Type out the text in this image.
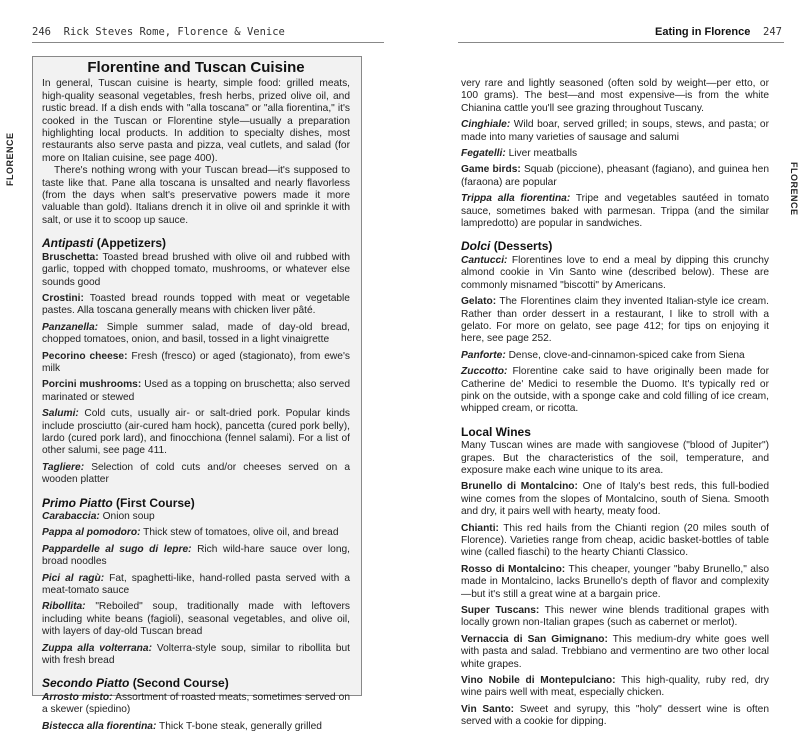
246 Rick Steves Rome, Florence & Venice	Eating in Florence 247
FLORENCE
FLORENCE
Florentine and Tuscan Cuisine

In general, Tuscan cuisine is hearty, simple food: grilled meats, high-quality seasonal vegetables, fresh herbs, prized olive oil, and rustic bread. If a dish ends with "alla toscana" or "alla fiorentina," it's cooked in the Tuscan or Florentine style—usually a preparation highlighting local products. In addition to specialty dishes, most restaurants also serve pasta and pizza, veal cutlets, and salad (for more on Italian cuisine, see page 400).

There's nothing wrong with your Tuscan bread—it's supposed to taste like that. Pane alla toscana is unsalted and nearly flavorless (from the days when salt's preservative powers made it more valuable than gold). Italians drench it in olive oil and sprinkle it with salt, or use it to scoop up sauce.

Antipasti (Appetizers)

Bruschetta: Toasted bread brushed with olive oil and rubbed with garlic, topped with chopped tomato, mushrooms, or whatever else sounds good

Crostini: Toasted bread rounds topped with meat or vegetable pastes. Alla toscana generally means with chicken liver pâté.

Panzanella: Simple summer salad, made of day-old bread, chopped tomatoes, onion, and basil, tossed in a light vinaigrette

Pecorino cheese: Fresh (fresco) or aged (stagionato), from ewe's milk

Porcini mushrooms: Used as a topping on bruschetta; also served marinated or stewed

Salumi: Cold cuts, usually air- or salt-dried pork. Popular kinds include prosciutto (air-cured ham hock), pancetta (cured pork belly), lardo (cured pork lard), and finocchiona (fennel salami). For a list of other salumi, see page 411.

Tagliere: Selection of cold cuts and/or cheeses served on a wooden platter

Primo Piatto (First Course)

Carabaccia: Onion soup

Pappa al pomodoro: Thick stew of tomatoes, olive oil, and bread

Pappardelle al sugo di lepre: Rich wild-hare sauce over long, broad noodles

Pici al ragù: Fat, spaghetti-like, hand-rolled pasta served with a meat-tomato sauce

Ribollita: "Reboiled" soup, traditionally made with leftovers including white beans (fagioli), seasonal vegetables, and olive oil, with layers of day-old Tuscan bread

Zuppa alla volterrana: Volterra-style soup, similar to ribollita but with fresh bread

Secondo Piatto (Second Course)

Arrosto misto: Assortment of roasted meats, sometimes served on a skewer (spiedino)

Bistecca alla fiorentina: Thick T-bone steak, generally grilled

very rare and lightly seasoned (often sold by weight—per etto, or 100 grams). The best—and most expensive—is from the white Chianina cattle you'll see grazing throughout Tuscany.

Cinghiale: Wild boar, served grilled; in soups, stews, and pasta; or made into many varieties of sausage and salumi

Fegatelli: Liver meatballs

Game birds: Squab (piccione), pheasant (fagiano), and guinea hen (faraona) are popular

Trippa alla fiorentina: Tripe and vegetables sautéed in tomato sauce, sometimes baked with parmesan. Trippa (and the similar lampredotto) are popular in sandwiches.

Dolci (Desserts)

Cantucci: Florentines love to end a meal by dipping this crunchy almond cookie in Vin Santo wine (described below). These are commonly misnamed "biscotti" by Americans.

Gelato: The Florentines claim they invented Italian-style ice cream. Rather than order dessert in a restaurant, I like to stroll with a gelato. For more on gelato, see page 412; for tips on enjoying it here, see page 252.

Panforte: Dense, clove-and-cinnamon-spiced cake from Siena

Zuccotto: Florentine cake said to have originally been made for Catherine de' Medici to resemble the Duomo. It's typically red or pink on the outside, with a sponge cake and cold filling of ice cream, whipped cream, or ricotta.

Local Wines

Many Tuscan wines are made with sangiovese ("blood of Jupiter") grapes. But the characteristics of the soil, temperature, and exposure make each wine unique to its area.

Brunello di Montalcino: One of Italy's best reds, this full-bodied wine comes from the slopes of Montalcino, south of Siena. Smooth and dry, it pairs well with hearty, meaty food.

Chianti: This red hails from the Chianti region (20 miles south of Florence). Varieties range from cheap, acidic basket-bottles of table wine (called fiaschi) to the hearty Chianti Classico.

Rosso di Montalcino: This cheaper, younger "baby Brunello," also made in Montalcino, lacks Brunello's depth of flavor and complexity—but it's still a great wine at a bargain price.

Super Tuscans: This newer wine blends traditional grapes with locally grown non-Italian grapes (such as cabernet or merlot).

Vernaccia di San Gimignano: This medium-dry white goes well with pasta and salad. Trebbiano and vermentino are two other local white grapes.

Vino Nobile di Montepulciano: This high-quality, ruby red, dry wine pairs well with meat, especially chicken.

Vin Santo: Sweet and syrupy, this "holy" dessert wine is often served with a cookie for dipping.
